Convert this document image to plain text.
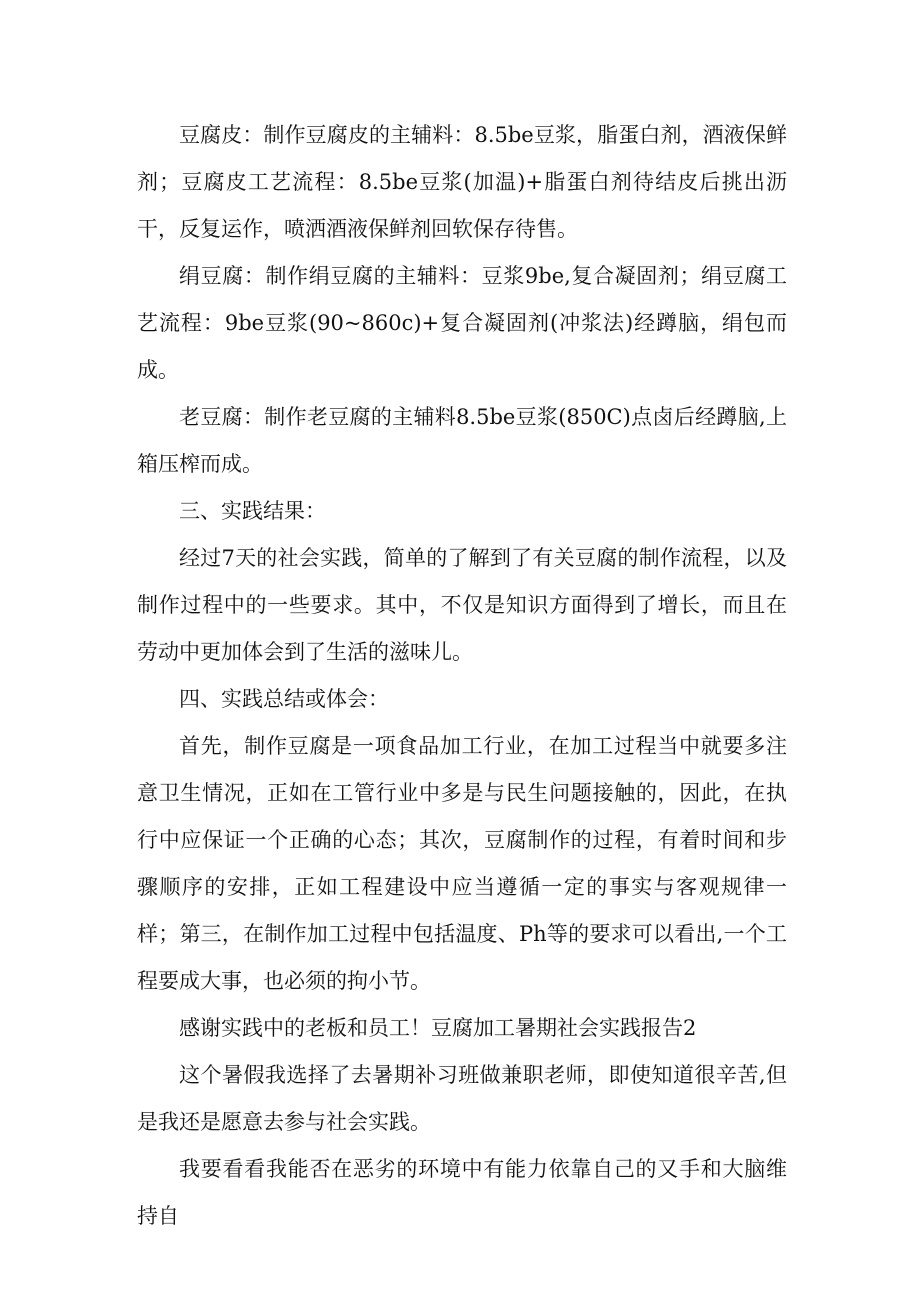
豆腐皮：制作豆腐皮的主辅料：8.5be豆浆，脂蛋白剂，酒液保鲜剂；豆腐皮工艺流程：8.5be豆浆(加温)+脂蛋白剂待结皮后挑出沥干，反复运作，喷洒酒液保鲜剂回软保存待售。

绢豆腐：制作绢豆腐的主辅料：豆浆9be,复合凝固剂；绢豆腐工艺流程：9be豆浆(90~860c)+复合凝固剂(冲浆法)经蹲脑，绢包而成。

老豆腐：制作老豆腐的主辅料8.5be豆浆(850C)点卤后经蹲脑,上箱压榨而成。

三、实践结果：

经过7天的社会实践，简单的了解到了有关豆腐的制作流程，以及制作过程中的一些要求。其中，不仅是知识方面得到了增长，而且在劳动中更加体会到了生活的滋味儿。

四、实践总结或体会：

首先，制作豆腐是一项食品加工行业，在加工过程当中就要多注意卫生情况，正如在工管行业中多是与民生问题接触的，因此，在执行中应保证一个正确的心态；其次，豆腐制作的过程，有着时间和步骤顺序的安排，正如工程建设中应当遵循一定的事实与客观规律一样；第三，在制作加工过程中包括温度、Ph等的要求可以看出,一个工程要成大事，也必须的拘小节。

感谢实践中的老板和员工！豆腐加工暑期社会实践报告2

这个暑假我选择了去暑期补习班做兼职老师，即使知道很辛苦,但是我还是愿意去参与社会实践。

我要看看我能否在恶劣的环境中有能力依靠自己的又手和大脑维持自
